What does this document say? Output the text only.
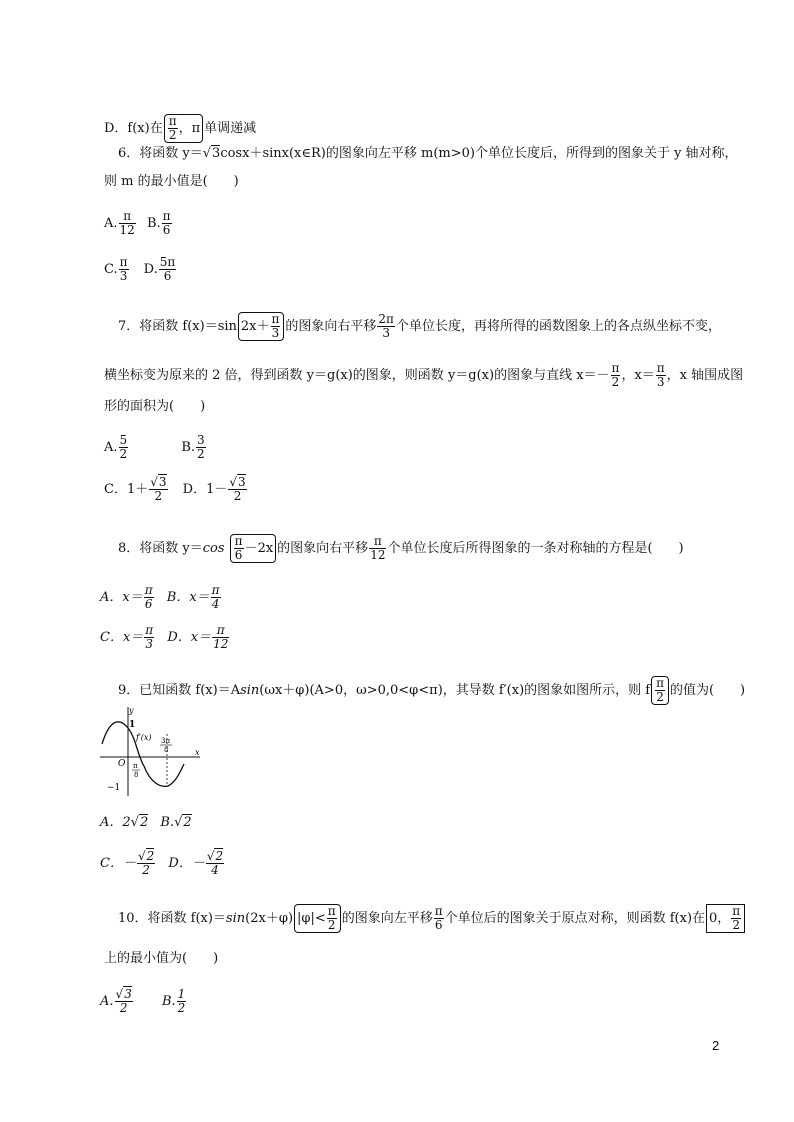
D．f(x)在 $\frac{\pi}{2}$ ，π 单调递减
6．将函数 y＝√3cosx＋sinx(x∈R)的图象向左平移 m(m>0)个单位长度后，所得到的图象关于 y 轴对称，
则 m 的最小值是(　　)
A. $\frac{\pi}{12} B$. $\frac{\pi}{6}$
C. $\frac{\pi}{3} D$. $\frac{5\pi}{6}$
7．将函数 f(x)＝sin $2x+ \frac{\pi}{3}$ 的图象向右平移 $\frac{2\pi}{3}$ 个单位长度，再将所得的函数图象上的各点纵坐标不变，
横坐标变为原来的 2 倍，得到函数 y＝g(x)的图象，则函数 y＝g(x)的图象与直线 $x=- \frac{\pi}{2}$ ，$x= \frac{\pi}{3}$ ，x 轴围成图
形的面积为(　　)
A. $\frac{5}{2}$	B. $\frac{3}{2}$
C．$1+ \frac{√3}{2}$ D．$1- \frac{√3}{2}$
8．将函数 $y=\cos \frac{\pi}{6} -2x$ 的图象向右平移 $\frac{\pi}{12}$ 个单位长度后所得图象的一条对称轴的方程是(　　)
A．$x= \frac{\pi}{6}$ B．$x= \frac{\pi}{4}$
C．$x= \frac{\pi}{3}$ D．$x= \frac{\pi}{12}$
9．已知函数 f(x)＝Asin(ωx＋φ)(A>0，ω>0,0<φ<π)，其导数 f′(x)的图象如图所示，则 f $\frac{\pi}{2}$ 的值为(　　)
y
x
O
1
−1
f′(x)
π
8
3π
8
A．2√2 B.√2
C．－ $\frac{√2}{2}$ D．－ $\frac{√2}{4}$
10．将函数 f(x)＝sin(2x＋φ) $|\varphi|< \frac{\pi}{2}$ 的图象向左平移 $\frac{\pi}{6}$ 个单位后的图象关于原点对称，则函数 f(x)在 0， $\frac{\pi}{2}$
上的最小值为(　　)
A. $\frac{√3}{2} B$. $\frac{1}{2}$
2
